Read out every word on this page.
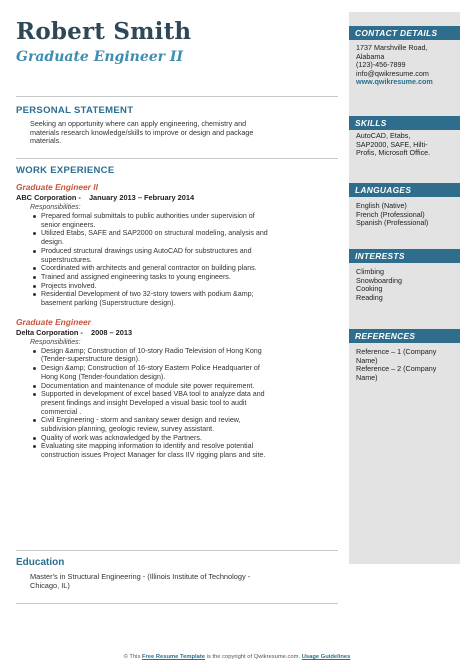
Robert Smith
Graduate Engineer II
PERSONAL STATEMENT
Seeking an opportunity where can apply engineering, chemistry and
materials research knowledge/skills to improve or design and package
materials.
WORK EXPERIENCE
Graduate Engineer II
ABC Corporation - January 2013 – February 2014
Responsibilities:
Prepared formal submittals to public authorities under supervision of
senior engineers.
Utilized Etabs, SAFE and SAP2000 on structural modeling, analysis and
design.
Produced structural drawings using AutoCAD for substructures and
superstructures.
Coordinated with architects and general contractor on building plans.
Trained and assigned engineering tasks to young engineers.
Projects involved.
Residential Development of two 32-story towers with podium &amp;
basement parking (Superstructure design).
Graduate Engineer
Delta Corporation - 2008 – 2013
Responsibilities:
Design &amp; Construction of 10-story Radio Television of Hong Kong
(Tender-superstructure design).
Design &amp; Construction of 16-story Eastern Police Headquarter of
Hong Kong (Tender-foundation design).
Documentation and maintenance of module site power requirement.
Supported in development of excel based VBA tool to analyze data and
present findings and insight Developed a visual basic tool to audit
commercial .
Civil Engineering - storm and sanitary sewer design and review,
subdivision planning, geologic review, survey assistant.
Quality of work was acknowledged by the Partners.
Evaluating site mapping information to identify and resolve potential
construction issues Project Manager for class IIV rigging plans and site.
Education
Master's in Structural Engineering - (Illinois Institute of Technology -
Chicago, IL)
CONTACT DETAILS
1737 Marshville Road,
Alabama
(123)-456-7899
info@qwikresume.com
www.qwikresume.com
SKILLS
AutoCAD, Etabs,
SAP2000, SAFE, Hilti-
Profis, Microsoft Office.
LANGUAGES
English (Native)
French (Professional)
Spanish (Professional)
INTERESTS
Climbing
Snowboarding
Cooking
Reading
REFERENCES
Reference – 1 (Company
Name)
Reference – 2 (Company
Name)
© This Free Resume Template is the copyright of Qwikresume.com. Usage Guidelines
